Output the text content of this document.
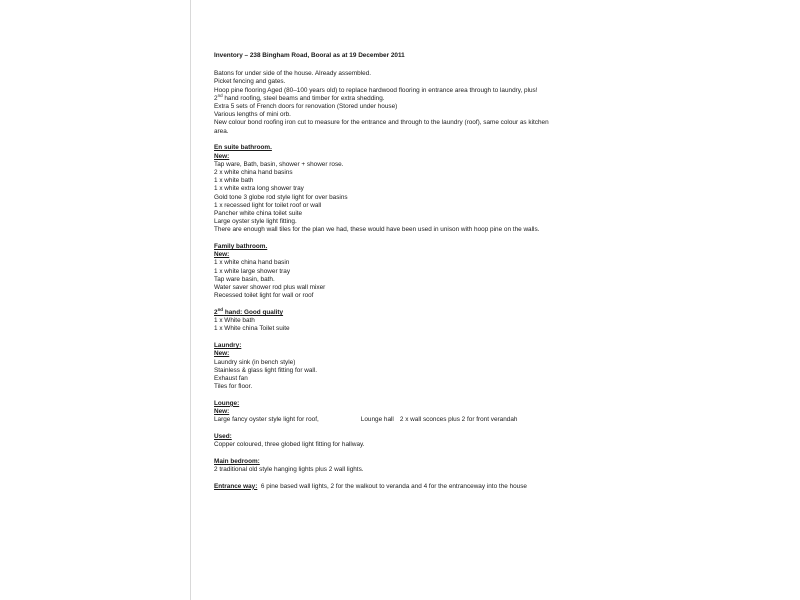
Inventory – 238 Bingham Road, Booral as at 19 December 2011
Batons for under side of the house. Already assembled.
Picket fencing and gates.
Hoop pine flooring Aged (80–100 years old) to replace hardwood flooring in entrance area through to laundry, plus!
2nd hand roofing, steel beams and timber for extra shedding.
Extra 5 sets of French doors for renovation (Stored under house)
Various lengths of mini orb.
New colour bond roofing iron cut to measure for the entrance and through to the laundry (roof), same colour as kitchen
area.
En suite bathroom.
New:
Tap ware, Bath, basin, shower + shower rose.
2 x white china hand basins
1 x white bath
1 x white extra long shower tray
Gold tone 3 globe rod style light for over basins
1 x recessed light for toilet roof or wall
Pancher white china toilet suite
Large oyster style light fitting.
There are enough wall tiles for the plan we had, these would have been used in unison with hoop pine on the walls.
Family bathroom.
New:
1 x white china hand basin
1 x white large shower tray
Tap ware basin, bath.
Water saver shower rod plus wall mixer
Recessed toilet light for wall or roof
2nd hand: Good quality
1 x White bath
1 x White china Toilet suite
Laundry:
New:
Laundry sink (in bench style)
Stainless & glass light fitting for wall.
Exhaust fan
Tiles for floor.
Lounge:
New:
Large fancy oyster style light for roof,	Lounge hall 2 x wall sconces plus 2 for front verandah
Used:
Copper coloured, three globed light fitting for hallway.
Main bedroom:
2 traditional old style hanging lights plus 2 wall lights.
Entrance way:  6 pine based wall lights, 2 for the walkout to veranda and 4 for the entranceway into the house
